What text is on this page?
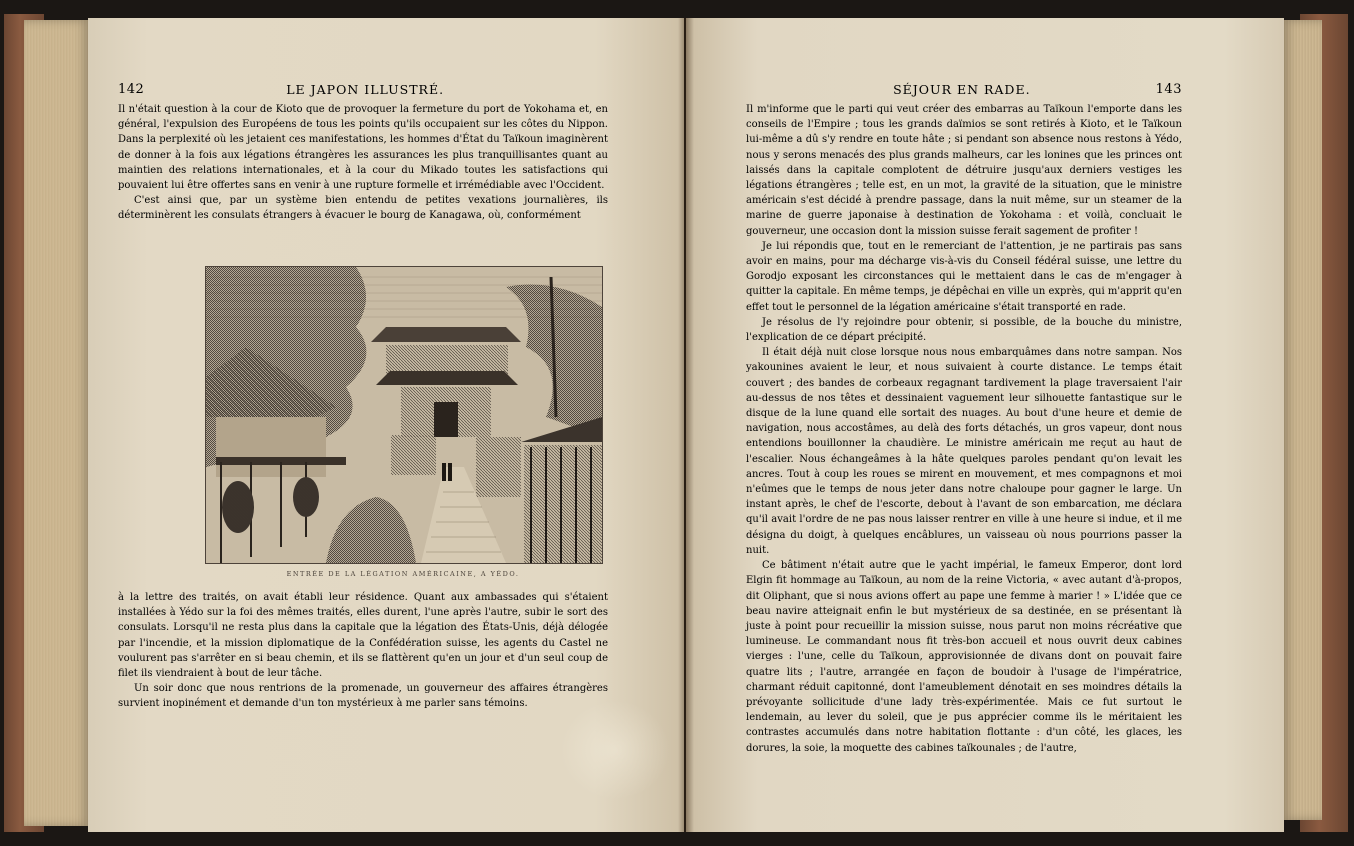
142	LE JAPON ILLUSTRÉ.	SÉJOUR EN RADE.	143

Il n'était question à la cour de Kioto que de provoquer la fermeture du port de Yokohama et, en général, l'expulsion des Européens de tous les points qu'ils occupaient sur les côtes du Nippon. Dans la perplexité où les jetaient ces manifestations, les hommes d'État du Taïkoun imaginèrent de donner à la fois aux légations étrangères les assurances les plus tranquillisantes quant au maintien des relations internationales, et à la cour du Mikado toutes les satisfactions qui pouvaient lui être offertes sans en venir à une rupture formelle et irrémédiable avec l'Occident.

C'est ainsi que, par un système bien entendu de petites vexations journalières, ils déterminèrent les consulats étrangers à évacuer le bourg de Kanagawa, où, conformément

ENTRÉE DE LA LÉGATION AMÉRICAINE, A YÉDO.

à la lettre des traités, on avait établi leur résidence. Quant aux ambassades qui s'étaient installées à Yédo sur la foi des mêmes traités, elles durent, l'une après l'autre, subir le sort des consulats. Lorsqu'il ne resta plus dans la capitale que la légation des États-Unis, déjà délogée par l'incendie, et la mission diplomatique de la Confédération suisse, les agents du Castel ne voulurent pas s'arrêter en si beau chemin, et ils se flattèrent qu'en un jour et d'un seul coup de filet ils viendraient à bout de leur tâche.

Un soir donc que nous rentrions de la promenade, un gouverneur des affaires étrangères survient inopinément et demande d'un ton mystérieux à me parler sans témoins.

Il m'informe que le parti qui veut créer des embarras au Taïkoun l'emporte dans les conseils de l'Empire ; tous les grands daïmios se sont retirés à Kioto, et le Taïkoun lui-même a dû s'y rendre en toute hâte ; si pendant son absence nous restons à Yédo, nous y serons menacés des plus grands malheurs, car les lonines que les princes ont laissés dans la capitale complotent de détruire jusqu'aux derniers vestiges les légations étrangères ; telle est, en un mot, la gravité de la situation, que le ministre américain s'est décidé à prendre passage, dans la nuit même, sur un steamer de la marine de guerre japonaise à destination de Yokohama : et voilà, concluait le gouverneur, une occasion dont la mission suisse ferait sagement de profiter !

Je lui répondis que, tout en le remerciant de l'attention, je ne partirais pas sans avoir en mains, pour ma décharge vis-à-vis du Conseil fédéral suisse, une lettre du Gorodjo exposant les circonstances qui le mettaient dans le cas de m'engager à quitter la capitale. En même temps, je dépêchai en ville un exprès, qui m'apprit qu'en effet tout le personnel de la légation américaine s'était transporté en rade.

Je résolus de l'y rejoindre pour obtenir, si possible, de la bouche du ministre, l'explication de ce départ précipité.

Il était déjà nuit close lorsque nous nous embarquâmes dans notre sampan. Nos yakounines avaient le leur, et nous suivaient à courte distance. Le temps était couvert ; des bandes de corbeaux regagnant tardivement la plage traversaient l'air au-dessus de nos têtes et dessinaient vaguement leur silhouette fantastique sur le disque de la lune quand elle sortait des nuages. Au bout d'une heure et demie de navigation, nous accostâmes, au delà des forts détachés, un gros vapeur, dont nous entendions bouillonner la chaudière. Le ministre américain me reçut au haut de l'escalier. Nous échangeâmes à la hâte quelques paroles pendant qu'on levait les ancres. Tout à coup les roues se mirent en mouvement, et mes compagnons et moi n'eûmes que le temps de nous jeter dans notre chaloupe pour gagner le large. Un instant après, le chef de l'escorte, debout à l'avant de son embarcation, me déclara qu'il avait l'ordre de ne pas nous laisser rentrer en ville à une heure si indue, et il me désigna du doigt, à quelques encâblures, un vaisseau où nous pourrions passer la nuit.

Ce bâtiment n'était autre que le yacht impérial, le fameux Emperor, dont lord Elgin fit hommage au Taïkoun, au nom de la reine Victoria, « avec autant d'à-propos, dit Oliphant, que si nous avions offert au pape une femme à marier ! » L'idée que ce beau navire atteignait enfin le but mystérieux de sa destinée, en se présentant là juste à point pour recueillir la mission suisse, nous parut non moins récréative que lumineuse. Le commandant nous fit très-bon accueil et nous ouvrit deux cabines vierges : l'une, celle du Taïkoun, approvisionnée de divans dont on pouvait faire quatre lits ; l'autre, arrangée en façon de boudoir à l'usage de l'impératrice, charmant réduit capitonné, dont l'ameublement dénotait en ses moindres détails la prévoyante sollicitude d'une lady très-expérimentée. Mais ce fut surtout le lendemain, au lever du soleil, que je pus apprécier comme ils le méritaient les contrastes accumulés dans notre habitation flottante : d'un côté, les glaces, les dorures, la soie, la moquette des cabines taïkounales ; de l'autre,
